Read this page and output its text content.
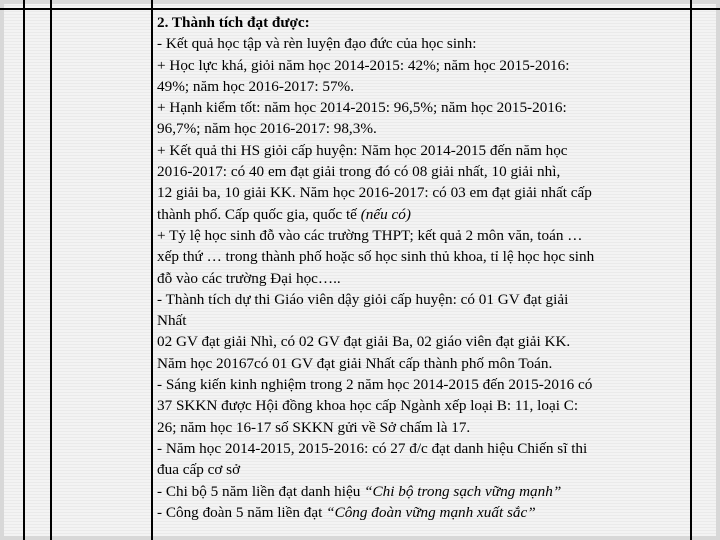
2. Thành tích đạt được:
- Kết quả học tập và rèn luyện đạo đức của học sinh:
+ Học lực khá, giỏi năm học 2014-2015: 42%; năm học 2015-2016:
49%; năm học 2016-2017: 57%.
+ Hạnh kiểm tốt: năm học 2014-2015: 96,5%; năm học 2015-2016:
96,7%; năm học 2016-2017: 98,3%.
+ Kết quả thi HS giỏi cấp huyện: Năm học 2014-2015 đến năm học
2016-2017: có 40 em đạt giải trong đó có 08 giải nhất, 10 giải nhì,
12 giải ba, 10 giải KK. Năm học 2016-2017: có 03 em đạt giải nhất cấp
thành phố. Cấp quốc gia, quốc tế (nếu có)
+ Tỷ lệ học sinh đỗ vào các trường THPT; kết quả 2 môn văn, toán …
xếp thứ … trong thành phố hoặc số học sinh thủ khoa, tỉ lệ học học sinh
đỗ vào các trường Đại học…..
- Thành tích dự thi Giáo viên dậy giỏi cấp huyện: có 01 GV đạt giải
Nhất
02 GV đạt giải Nhì, có 02 GV đạt giải Ba, 02 giáo viên đạt giải KK.
Năm học 20167có 01 GV đạt giải Nhất cấp thành phố môn Toán.
- Sáng kiến kinh nghiệm trong 2 năm học 2014-2015 đến 2015-2016 có
37 SKKN được Hội đồng khoa học cấp Ngành xếp loại B: 11, loại C:
26; năm học 16-17 số SKKN gửi về Sở chấm là 17.
- Năm học 2014-2015, 2015-2016: có 27 đ/c đạt danh hiệu Chiến sĩ thi
đua cấp cơ sở
- Chi bộ 5 năm liền đạt danh hiệu “Chi bộ trong sạch vững mạnh”
- Công đoàn 5 năm liền đạt “Công đoàn vững mạnh xuất sắc”
